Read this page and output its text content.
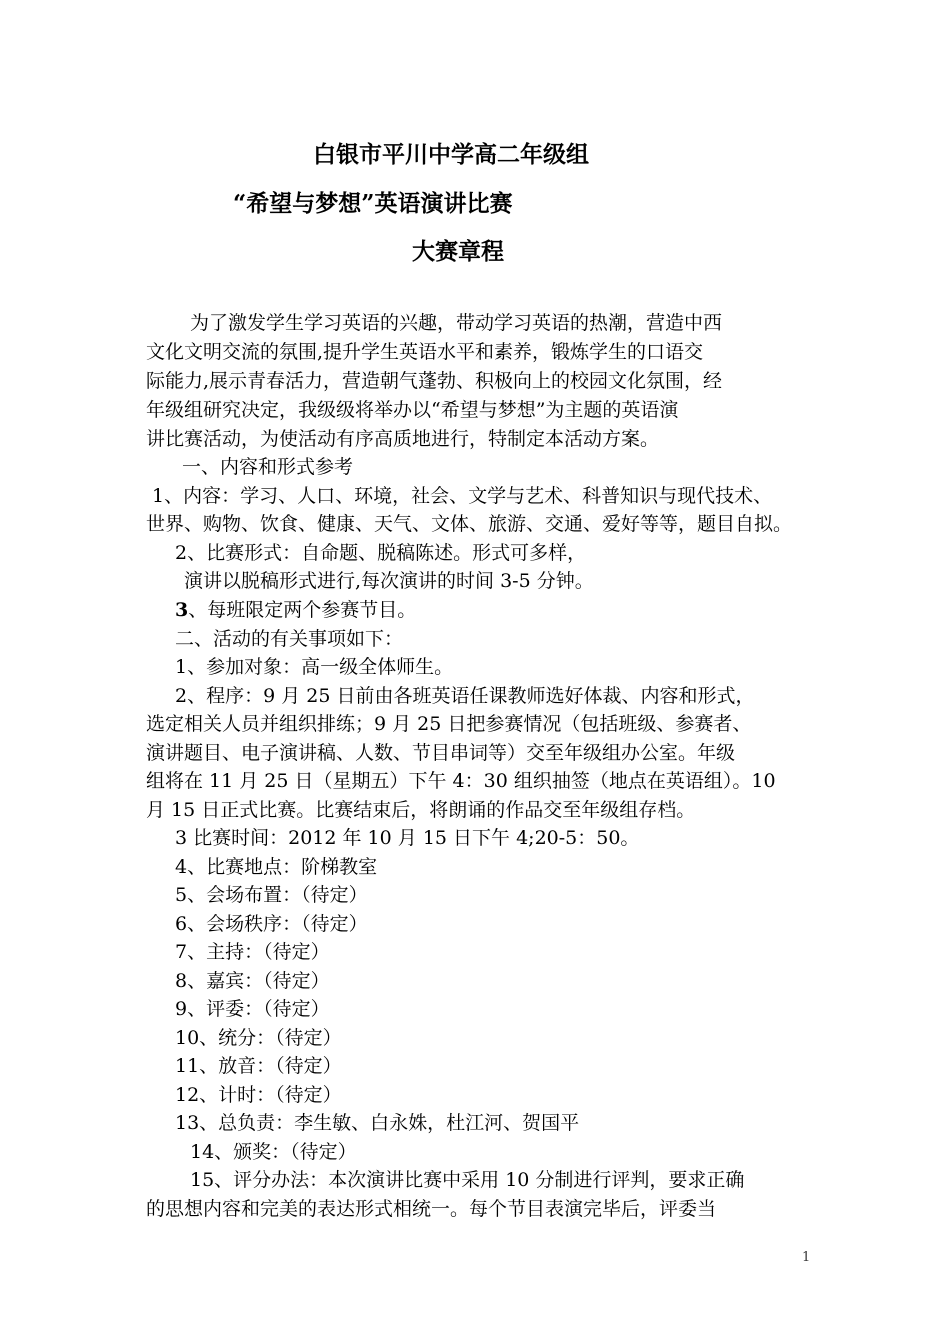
白银市平川中学高二年级组
“希望与梦想”英语演讲比赛
大赛章程
为了激发学生学习英语的兴趣，带动学习英语的热潮，营造中西
文化文明交流的氛围,提升学生英语水平和素养，锻炼学生的口语交
际能力,展示青春活力，营造朝气蓬勃、积极向上的校园文化氛围，经
年级组研究决定，我级级将举办以“希望与梦想”为主题的英语演
讲比赛活动，为使活动有序高质地进行，特制定本活动方案。
一、内容和形式参考
1、内容：学习、人口、环境，社会、文学与艺术、科普知识与现代技术、
世界、购物、饮食、健康、天气、文体、旅游、交通、爱好等等，题目自拟。
2、比赛形式：自命题、脱稿陈述。形式可多样，
演讲以脱稿形式进行,每次演讲的时间 3-5 分钟。
3、每班限定两个参赛节目。
二、活动的有关事项如下：
1、参加对象：高一级全体师生。
2、程序：9 月 25 日前由各班英语任课教师选好体裁、内容和形式，
选定相关人员并组织排练；9 月 25 日把参赛情况（包括班级、参赛者、
演讲题目、电子演讲稿、人数、节目串词等）交至年级组办公室。年级
组将在 11 月 25 日（星期五）下午 4：30 组织抽签（地点在英语组）。10
月 15 日正式比赛。比赛结束后，将朗诵的作品交至年级组存档。
3 比赛时间：2012 年 10 月 15 日下午 4;20-5：50。
4、比赛地点：阶梯教室
5、会场布置：（待定）
6、会场秩序：（待定）
7、主持：（待定）
8、嘉宾：（待定）
9、评委：（待定）
10、统分：（待定）
11、放音：（待定）
12、计时：（待定）
13、总负责：李生敏、白永姝，杜江河、贺国平
14、颁奖：（待定）
15、评分办法：本次演讲比赛中采用 10 分制进行评判，要求正确
的思想内容和完美的表达形式相统一。每个节目表演完毕后，评委当
1
